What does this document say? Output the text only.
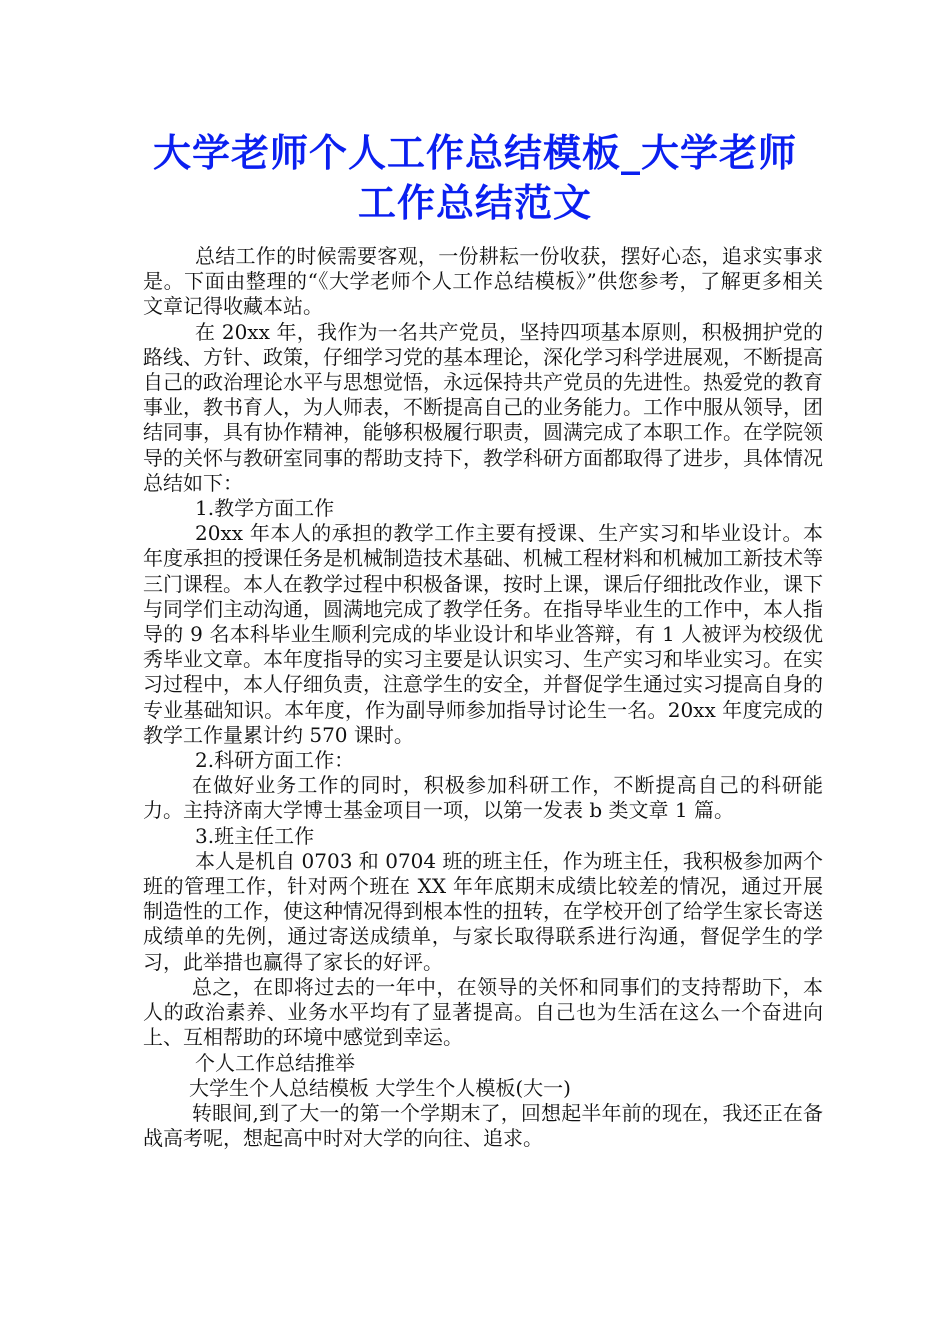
大学老师个人工作总结模板_大学老师工作总结范文

总结工作的时候需要客观，一份耕耘一份收获，摆好心态，追求实事求是。下面由整理的“《大学老师个人工作总结模板》”供您参考，了解更多相关文章记得收藏本站。

在 20xx 年，我作为一名共产党员，坚持四项基本原则，积极拥护党的路线、方针、政策，仔细学习党的基本理论，深化学习科学进展观，不断提高自己的政治理论水平与思想觉悟，永远保持共产党员的先进性。热爱党的教育事业，教书育人，为人师表，不断提高自己的业务能力。工作中服从领导，团结同事，具有协作精神，能够积极履行职责，圆满完成了本职工作。在学院领导的关怀与教研室同事的帮助支持下，教学科研方面都取得了进步，具体情况总结如下：

1.教学方面工作

20xx 年本人的承担的教学工作主要有授课、生产实习和毕业设计。本年度承担的授课任务是机械制造技术基础、机械工程材料和机械加工新技术等三门课程。本人在教学过程中积极备课，按时上课，课后仔细批改作业，课下与同学们主动沟通，圆满地完成了教学任务。在指导毕业生的工作中，本人指导的 9 名本科毕业生顺利完成的毕业设计和毕业答辩，有 1 人被评为校级优秀毕业文章。本年度指导的实习主要是认识实习、生产实习和毕业实习。在实习过程中，本人仔细负责，注意学生的安全，并督促学生通过实习提高自身的专业基础知识。本年度，作为副导师参加指导讨论生一名。20xx 年度完成的教学工作量累计约 570 课时。

2.科研方面工作：

在做好业务工作的同时，积极参加科研工作，不断提高自己的科研能力。主持济南大学博士基金项目一项，以第一发表 b 类文章 1 篇。

3.班主任工作

本人是机自 0703 和 0704 班的班主任，作为班主任，我积极参加两个班的管理工作，针对两个班在 XX 年年底期末成绩比较差的情况，通过开展制造性的工作，使这种情况得到根本性的扭转，在学校开创了给学生家长寄送成绩单的先例，通过寄送成绩单，与家长取得联系进行沟通，督促学生的学习，此举措也赢得了家长的好评。

总之，在即将过去的一年中，在领导的关怀和同事们的支持帮助下，本人的政治素养、业务水平均有了显著提高。自己也为生活在这么一个奋进向上、互相帮助的环境中感觉到幸运。

个人工作总结推举

大学生个人总结模板 大学生个人模板(大一)

转眼间,到了大一的第一个学期末了，回想起半年前的现在，我还正在备战高考呢，想起高中时对大学的向往、追求。
